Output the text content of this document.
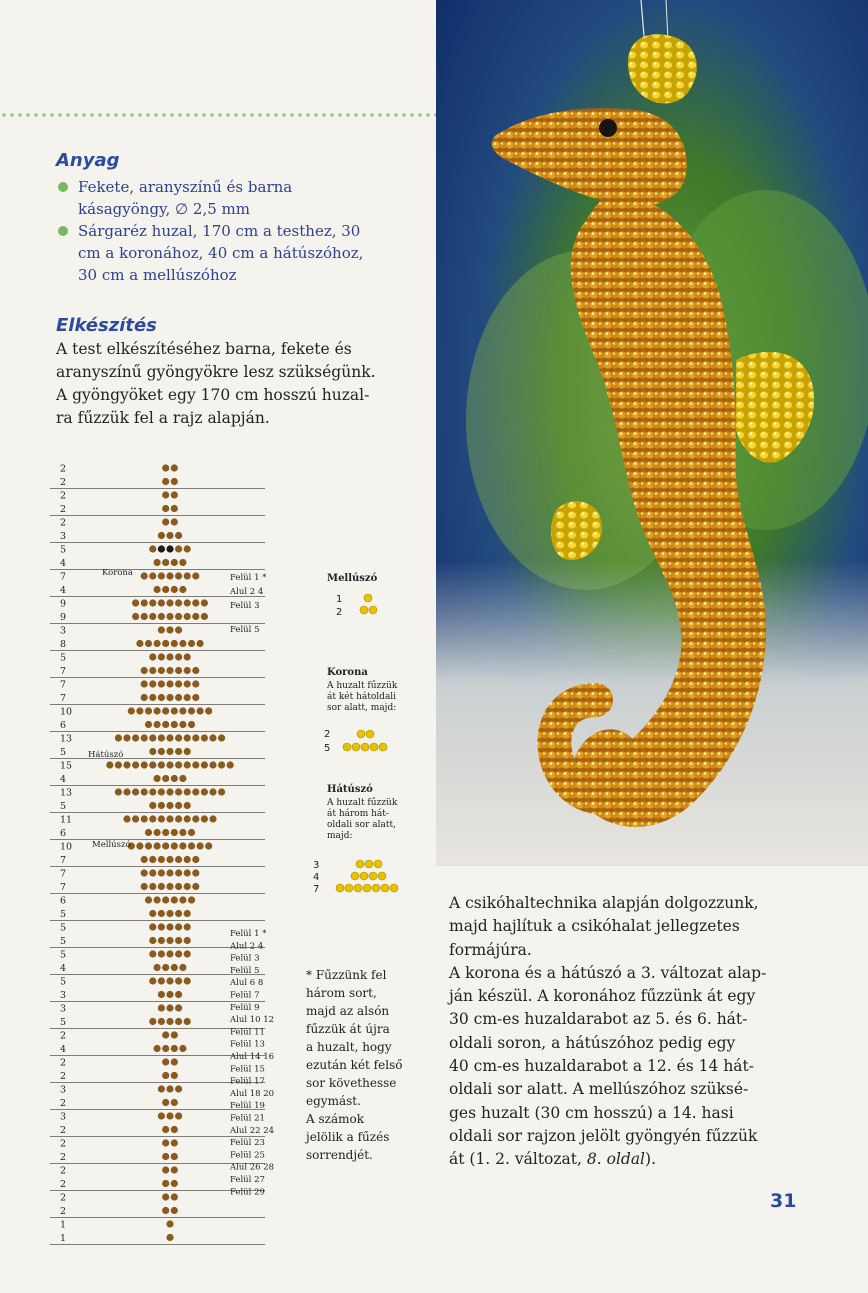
Anyag
Fekete, aranyszínű és barna kásagyöngy, ∅ 2,5 mm
Sárgaréz huzal, 170 cm a testhez, 30 cm a koronához, 40 cm a hátúszóhoz, 30 cm a mellúszóhoz
Elkészítés

A test elkészítéséhez barna, fekete és
aranyszínű gyöngyökre lesz szükségünk.
A gyöngyöket egy 170 cm hosszú huzal-
ra fűzzük fel a rajz alapján.

2
2
2
2
2
3
5
4
7
4
9
9
3
8
5
7
7
7
10
6
13
5
15
4
13
5
11
6
10
7
7
7
6
5
5
5
5
4
5
3
3
5
2
4
2
2
3
2
3
2
2
2
2
2
2
2
1
1
Korona
Hátúszó
Mellúszó
Felül 1 *
Alul 2 4
Felül 3
Felül 5
Felül 1 *
Alul 2 4
Felül 3
Felül 5
Alul 6 8
Felül 7
Felül 9
Alul 10 12
Felül 11
Felül 13
Alul 14 16
Felül 15
Felül 17
Alul 18 20
Felül 19
Felül 21
Alul 22 24
Felül 23
Felül 25
Alul 26 28
Felül 27
Felül 29
Mellúszó
1
2
Korona

A huzalt fűzzük
át két hátoldali
sor alatt, majd:

2
5
Hátúszó

A huzalt fűzzük
át három hát-
oldali sor alatt,
majd:

3
4
7

* Fűzzünk fel
három sort,
majd az alsón
fűzzük át újra
a huzalt, hogy
ezután két felső
sor követhesse
egymást.
A számok
jelölik a fűzés
sorrendjét.

A csikóhaltechnika alapján dolgozzunk,
majd hajlítuk a csikóhalat jellegzetes
formájúra.
A korona és a hátúszó a 3. változat alap-
ján készül. A koronához fűzzünk át egy
30 cm-es huzaldarabot az 5. és 6. hát-
oldali soron, a hátúszóhoz pedig egy
40 cm-es huzaldarabot a 12. és 14 hát-
oldali sor alatt. A mellúszóhoz szüksé-
ges huzalt (30 cm hosszú) a 14. hasi
oldali sor rajzon jelölt gyöngyén fűzzük
át (1. 2. változat, 8. oldal).

31
